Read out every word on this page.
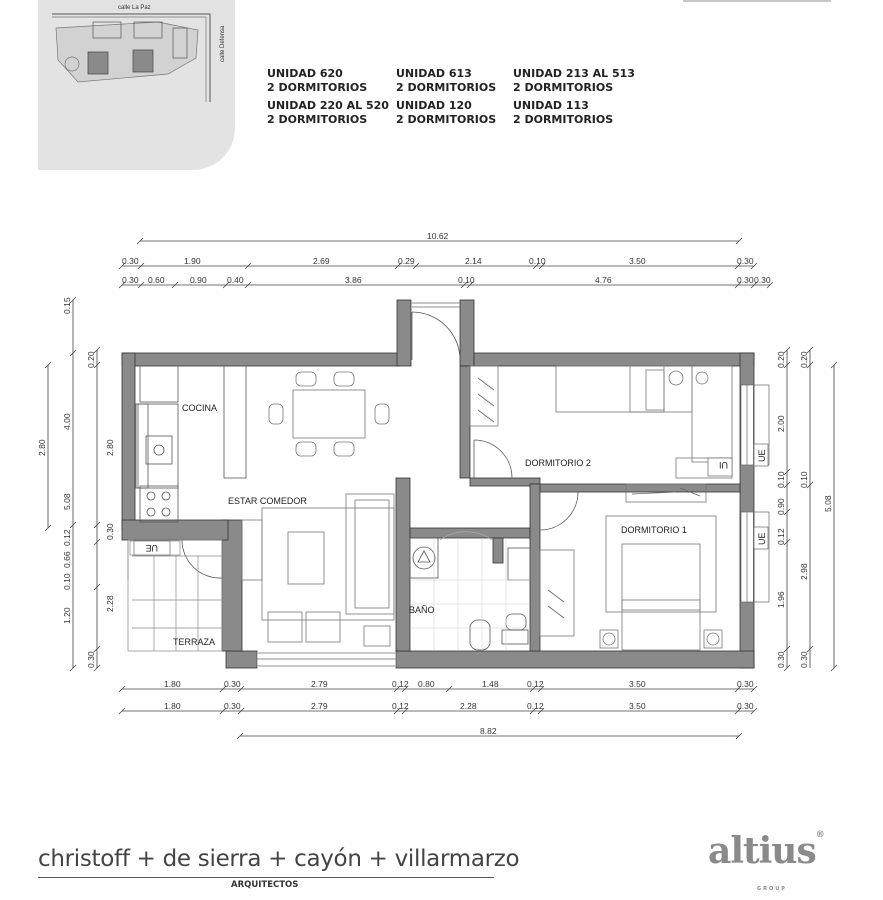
calle La Paz
calle Defensa
UNIDAD 620
2 DORMITORIOS
UNIDAD 220 AL 520
2 DORMITORIOS
UNIDAD 613
2 DORMITORIOS
UNIDAD 120
2 DORMITORIOS
UNIDAD 213 AL 513
2 DORMITORIOS
UNIDAD 113
2 DORMITORIOS
UE
UE
UE
UI
COCINA
ESTAR COMEDOR
DORMITORIO 2
DORMITORIO 1
BAÑO
TERRAZA
10.62
0.30	1.90	2.69	0.29	2.14	0.10	3.50	0.30
0.30 0.60	0.90 0.40	3.86	0.10	4.76	0.30 0.30
1.80	0.30	2.79	0.12 0.80	1.48	0.12	3.50	0.30
1.80	0.30	2.79	0.12	2.28	0.12	3.50	0.30
8.82
0.15
4.00
5.08
2.80
2.28
0.20
2.80
0.30
0.12
0.66
0.10
1.20
0.30
0.20
2.00
0.10
0.90
0.12
1.96
0.30
0.20
0.10
2.98
0.30
5.08
christoff + de sierra + cayón + villarmarzo
ARQUITECTOS
altius®
GROUP
